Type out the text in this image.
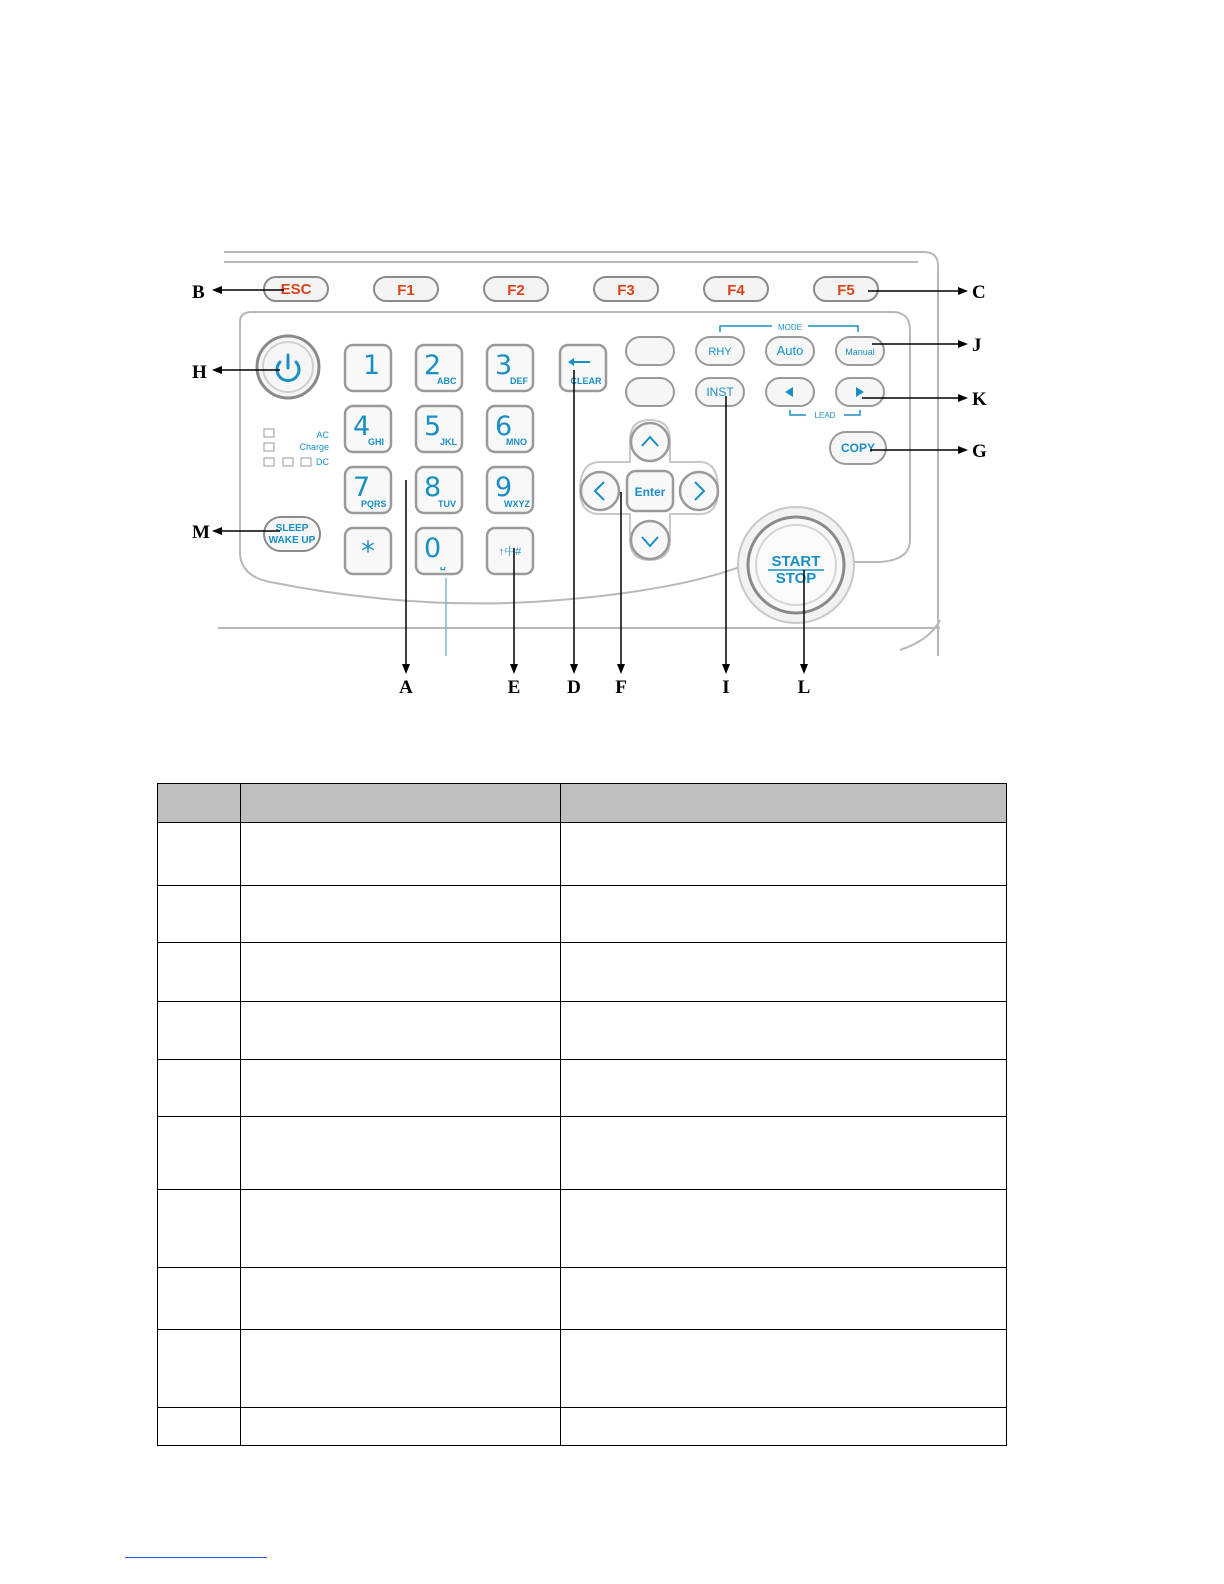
ESC	F1	F2	F3	F4	F5
AC
Charge
DC
SLEEP
WAKE UP
1 2
ABC 3
DEF
4
GHI 5
JKL 6
MNO
7
PQRS
8
TUV
9
WXYZ
* 0
␣
↑中#
CLEAR
MODE
RHY	Auto	Manual
INST
LEAD
COPY
Enter
START
STOP
B
H
M
C
J
K
G
A	E D F	I	L
